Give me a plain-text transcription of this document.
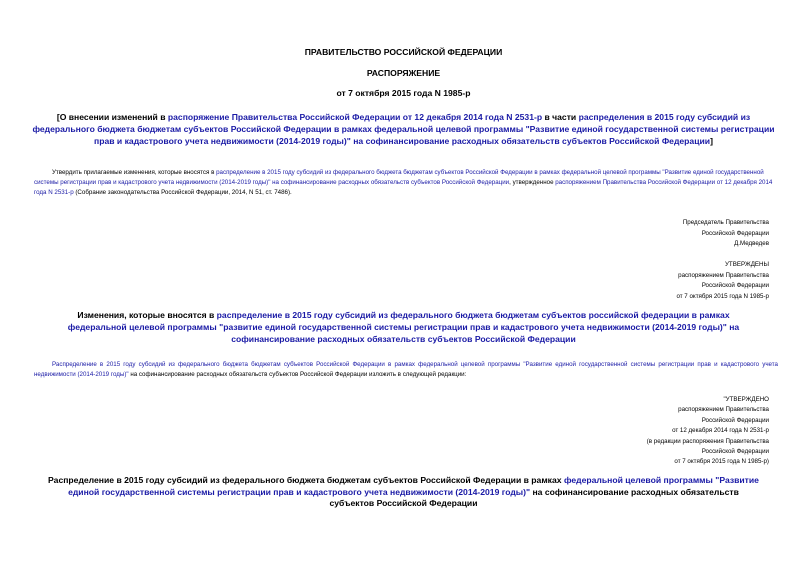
ПРАВИТЕЛЬСТВО РОССИЙСКОЙ ФЕДЕРАЦИИ
РАСПОРЯЖЕНИЕ
от 7 октября 2015 года N 1985-р
[О внесении изменений в распоряжение Правительства Российской Федерации от 12 декабря 2014 года N 2531-р в части распределения в 2015 году субсидий из федерального бюджета бюджетам субъектов Российской Федерации в рамках федеральной целевой программы "Развитие единой государственной системы регистрации прав и кадастрового учета недвижимости (2014-2019 годы)" на софинансирование расходных обязательств субъектов Российской Федерации]
Утвердить прилагаемые изменения, которые вносятся в распределение в 2015 году субсидий из федерального бюджета бюджетам субъектов Российской Федерации в рамках федеральной целевой программы "Развитие единой государственной системы регистрации прав и кадастрового учета недвижимости (2014-2019 годы)" на софинансирование расходных обязательств субъектов Российской Федерации, утвержденное распоряжением Правительства Российской Федерации от 12 декабря 2014 года N 2531-р (Собрание законодательства Российской Федерации, 2014, N 51, ст. 7486).
Председатель Правительства
Российской Федерации
Д.Медведев
УТВЕРЖДЕНЫ
распоряжением Правительства
Российской Федерации
от 7 октября 2015 года N 1985-р
Изменения, которые вносятся в распределение в 2015 году субсидий из федерального бюджета бюджетам субъектов российской федерации в рамках федеральной целевой программы "развитие единой государственной системы регистрации прав и кадастрового учета недвижимости (2014-2019 годы)" на софинансирование расходных обязательств субъектов Российской Федерации
Распределение в 2015 году субсидий из федерального бюджета бюджетам субъектов Российской Федерации в рамках федеральной целевой программы "Развитие единой государственной системы регистрации прав и кадастрового учета недвижимости (2014-2019 годы)" на софинансирование расходных обязательств субъектов Российской Федерации изложить в следующей редакции:
"УТВЕРЖДЕНО
распоряжением Правительства
Российской Федерации
от 12 декабря 2014 года N 2531-р
(в редакции распоряжения Правительства
Российской Федерации
от 7 октября 2015 года N 1985-р)
Распределение в 2015 году субсидий из федерального бюджета бюджетам субъектов Российской Федерации в рамках федеральной целевой программы "Развитие единой государственной системы регистрации прав и кадастрового учета недвижимости (2014-2019 годы)" на софинансирование расходных обязательств субъектов Российской Федерации
